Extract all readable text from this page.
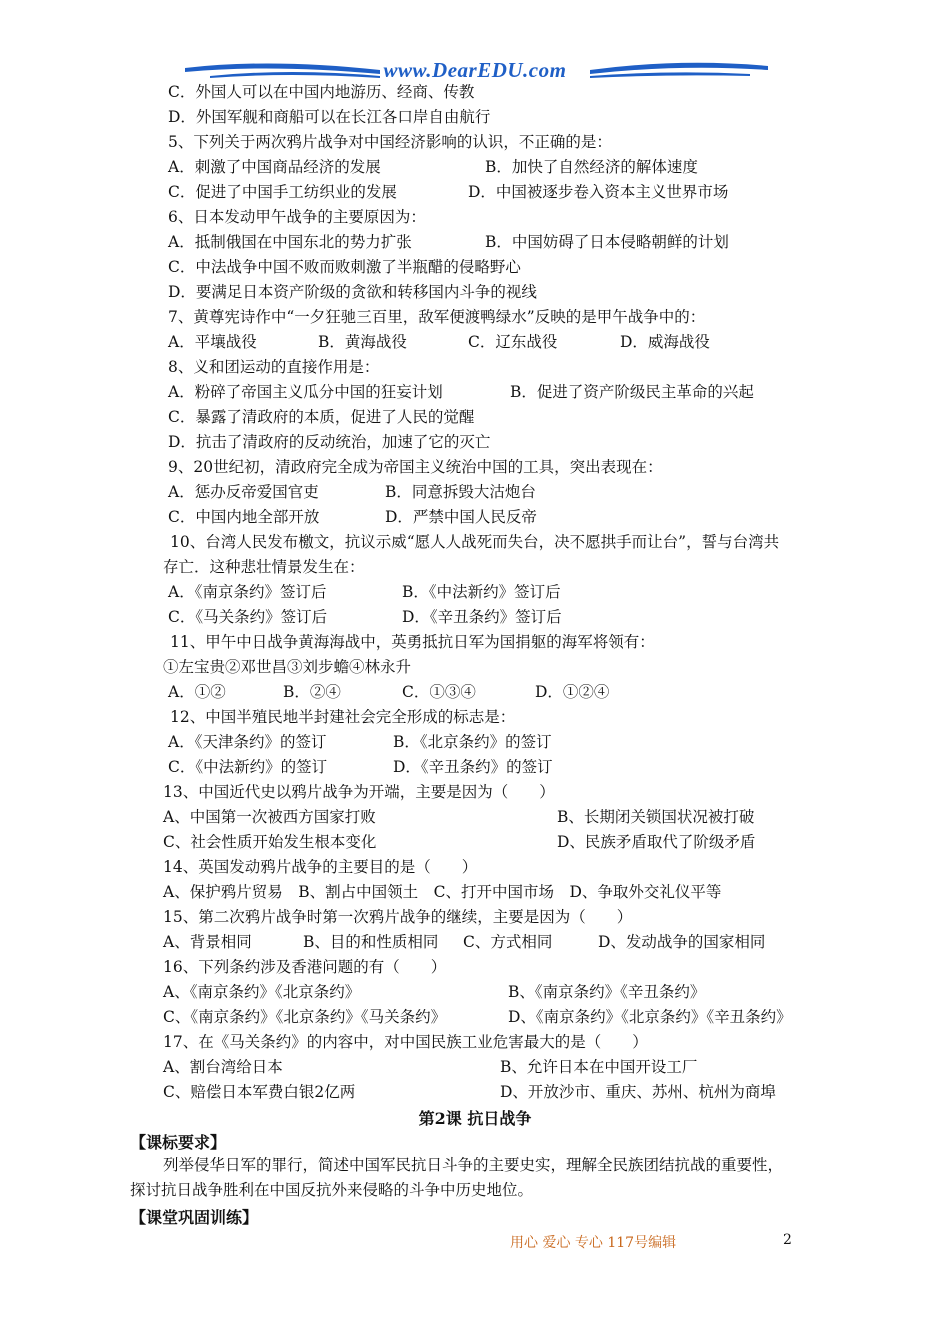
www.DearEDU.com
C．外国人可以在中国内地游历、经商、传教
D．外国军舰和商船可以在长江各口岸自由航行
5、下列关于两次鸦片战争对中国经济影响的认识，不正确的是：
A．刺激了中国商品经济的发展	B．加快了自然经济的解体速度
C．促进了中国手工纺织业的发展	D．中国被逐步卷入资本主义世界市场
6、日本发动甲午战争的主要原因为：
A．抵制俄国在中国东北的势力扩张	B．中国妨碍了日本侵略朝鲜的计划
C．中法战争中国不败而败刺激了半瓶醋的侵略野心
D．要满足日本资产阶级的贪欲和转移国内斗争的视线
7、黄尊宪诗作中“一夕狂驰三百里，敌军便渡鸭绿水”反映的是甲午战争中的：
A．平壤战役	B．黄海战役	C．辽东战役	D．威海战役
8、义和团运动的直接作用是：
A．粉碎了帝国主义瓜分中国的狂妄计划	B．促进了资产阶级民主革命的兴起
C．暴露了清政府的本质，促进了人民的觉醒
D．抗击了清政府的反动统治，加速了它的灭亡
9、20世纪初，清政府完全成为帝国主义统治中国的工具，突出表现在：
A．惩办反帝爱国官吏	B．同意拆毁大沽炮台
C．中国内地全部开放	D．严禁中国人民反帝
10、台湾人民发布檄文，抗议示威“愿人人战死而失台，决不愿拱手而让台”，誓与台湾共
存亡．这种悲壮情景发生在：
A．《南京条约》签订后	B．《中法新约》签订后
C．《马关条约》签订后	D．《辛丑条约》签订后
11、甲午中日战争黄海海战中，英勇抵抗日军为国捐躯的海军将领有：
①左宝贵②邓世昌③刘步蟾④林永升
A．①②	B．②④	C．①③④	D．①②④
12、中国半殖民地半封建社会完全形成的标志是：
A．《天津条约》的签订	B．《北京条约》的签订
C．《中法新约》的签订	D．《辛丑条约》的签订
13、中国近代史以鸦片战争为开端，主要是因为（　　）
A、中国第一次被西方国家打败	B、长期闭关锁国状况被打破
C、社会性质开始发生根本变化	D、民族矛盾取代了阶级矛盾
14、英国发动鸦片战争的主要目的是（　　）
A、保护鸦片贸易　B、割占中国领土　C、打开中国市场　D、争取外交礼仪平等
15、第二次鸦片战争时第一次鸦片战争的继续，主要是因为（　　）
A、背景相同	B、目的和性质相同 C、方式相同	D、发动战争的国家相同
16、下列条约涉及香港问题的有（　　）
A、《南京条约》《北京条约》	B、《南京条约》《辛丑条约》
C、《南京条约》《北京条约》《马关条约》	D、《南京条约》《北京条约》《辛丑条约》
17、在《马关条约》的内容中，对中国民族工业危害最大的是（　　）
A、割台湾给日本	B、允许日本在中国开设工厂
C、赔偿日本军费白银2亿两	D、开放沙市、重庆、苏州、杭州为商埠
第2课 抗日战争
【课标要求】
列举侵华日军的罪行，简述中国军民抗日斗争的主要史实，理解全民族团结抗战的重要性，
探讨抗日战争胜利在中国反抗外来侵略的斗争中历史地位。
【课堂巩固训练】
用心 爱心 专心 117号编辑	2
